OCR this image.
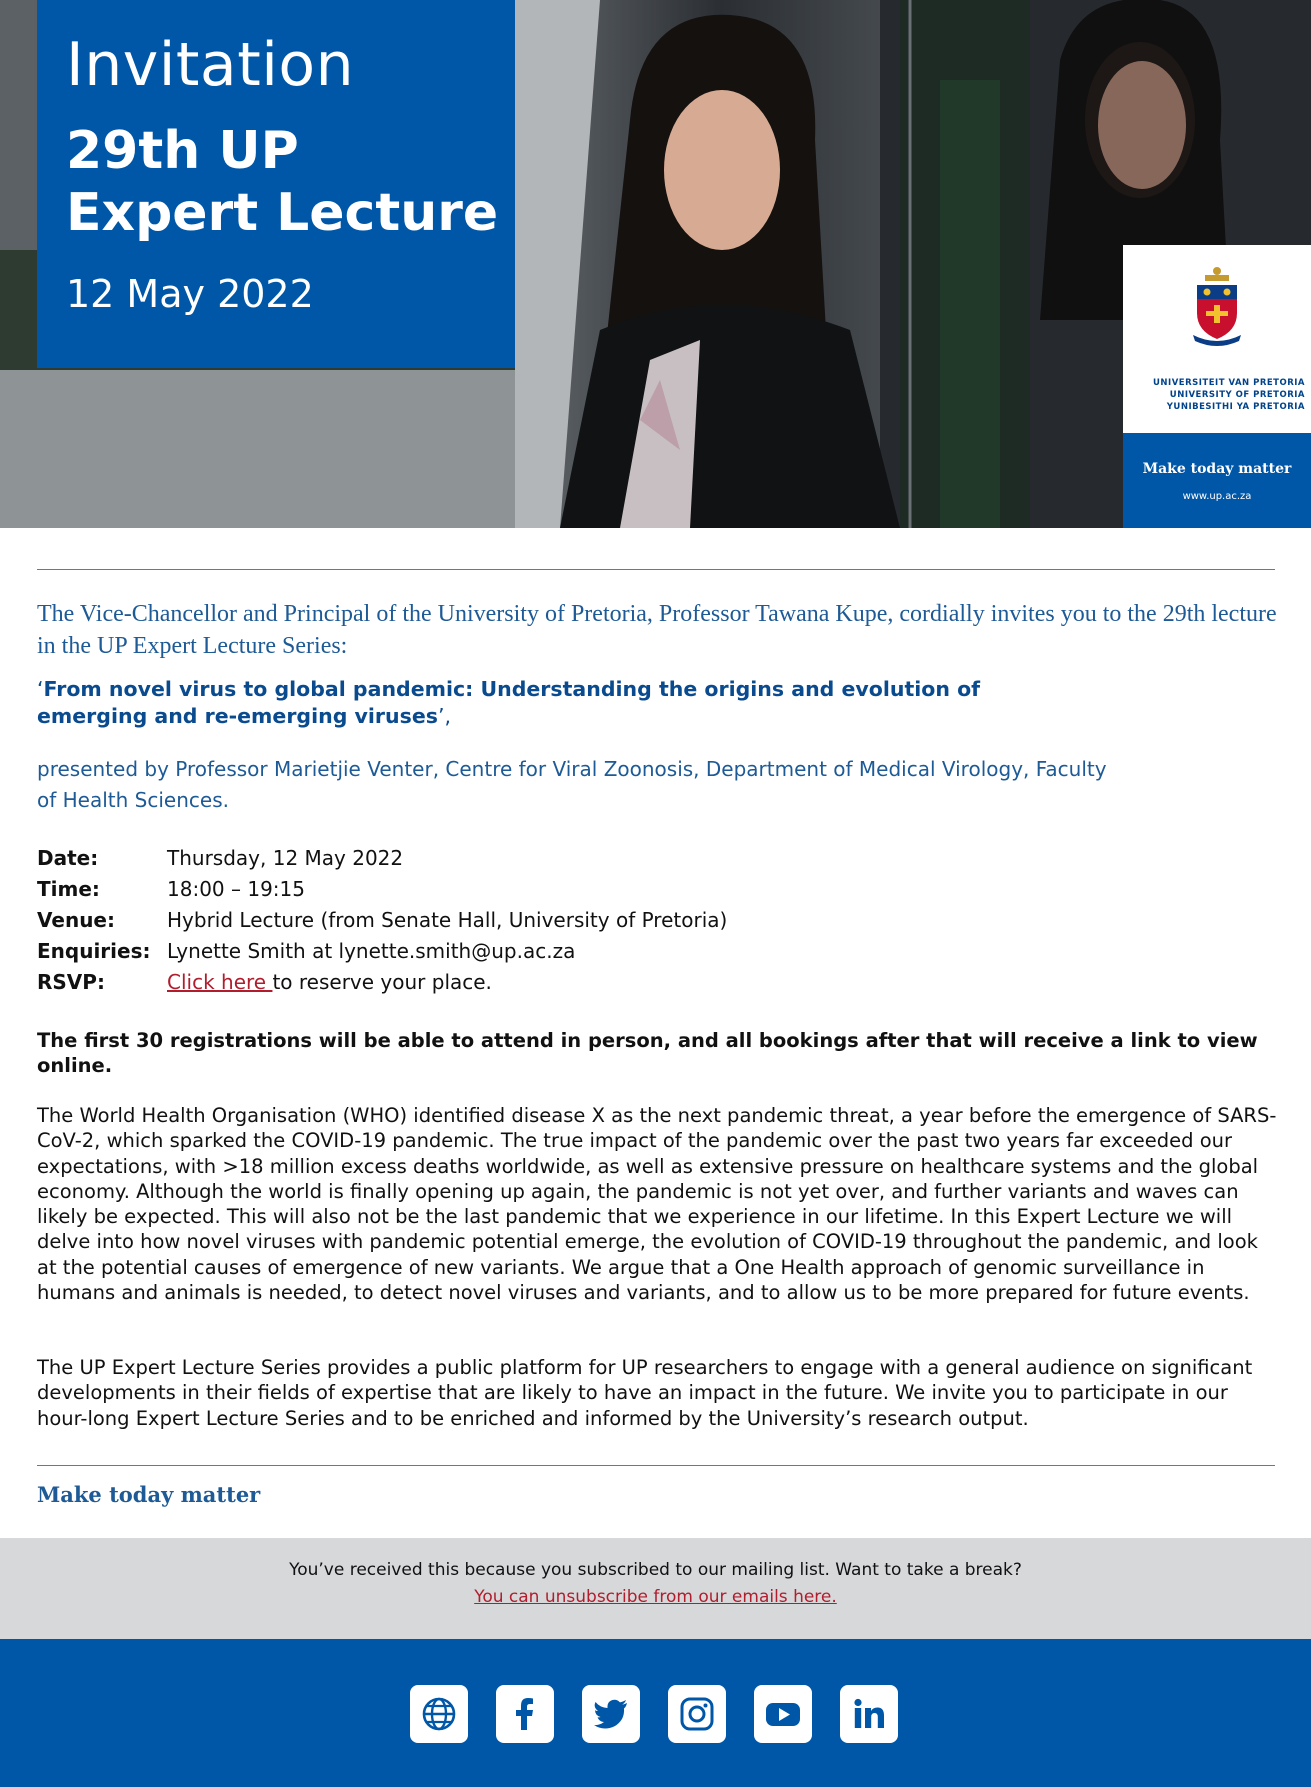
Invitation
29th UP
Expert Lecture
12 May 2022
UNIVERSITEIT VAN PRETORIA
UNIVERSITY OF PRETORIA
YUNIBESITHI YA PRETORIA
Make today matter
www.up.ac.za
The Vice-Chancellor and Principal of the University of Pretoria, Professor Tawana Kupe, cordially invites you to the 29th lecture in the UP Expert Lecture Series:
‘From novel virus to global pandemic: Understanding the origins and evolution of emerging and re-emerging viruses’,
presented by Professor Marietjie Venter, Centre for Viral Zoonosis, Department of Medical Virology, Faculty of Health Sciences.
Date:	Thursday, 12 May 2022
Time:	18:00 – 19:15
Venue:	Hybrid Lecture (from Senate Hall, University of Pretoria)
Enquiries: Lynette Smith at lynette.smith@up.ac.za
RSVP:	Click here to reserve your place.
The first 30 registrations will be able to attend in person, and all bookings after that will receive a link to view online.
The World Health Organisation (WHO) identified disease X as the next pandemic threat, a year before the emergence of SARS-CoV-2, which sparked the COVID-19 pandemic. The true impact of the pandemic over the past two years far exceeded our expectations, with >18 million excess deaths worldwide, as well as extensive pressure on healthcare systems and the global economy. Although the world is finally opening up again, the pandemic is not yet over, and further variants and waves can likely be expected. This will also not be the last pandemic that we experience in our lifetime. In this Expert Lecture we will delve into how novel viruses with pandemic potential emerge, the evolution of COVID-19 throughout the pandemic, and look at the potential causes of emergence of new variants. We argue that a One Health approach of genomic surveillance in humans and animals is needed, to detect novel viruses and variants, and to allow us to be more prepared for future events.
The UP Expert Lecture Series provides a public platform for UP researchers to engage with a general audience on significant developments in their fields of expertise that are likely to have an impact in the future. We invite you to participate in our hour-long Expert Lecture Series and to be enriched and informed by the University’s research output.
Make today matter
You’ve received this because you subscribed to our mailing list. Want to take a break?
You can unsubscribe from our emails here.
